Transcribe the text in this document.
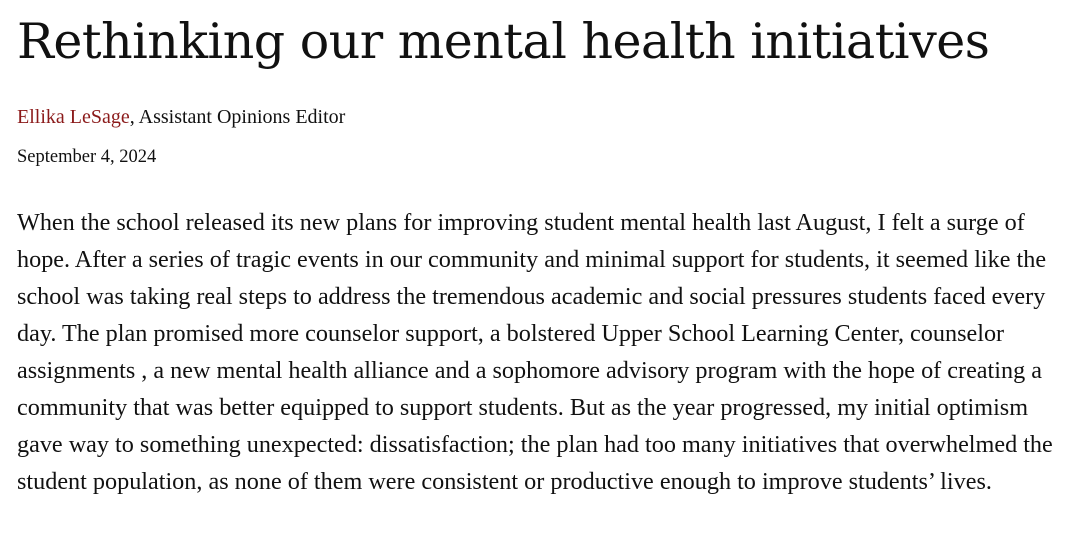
Rethinking our mental health initiatives
Ellika LeSage, Assistant Opinions Editor
September 4, 2024

When the school released its new plans for improving student mental health last August, I felt a surge of hope. After a series of tragic events in our community and minimal support for students, it seemed like the school was taking real steps to address the tremendous academic and social pressures students faced every day. The plan promised more counselor support, a bolstered Upper School Learning Center, counselor assignments , a new mental health alliance and a sophomore advisory program with the hope of creating a community that was better equipped to support students. But as the year progressed, my initial optimism gave way to something unexpected: dissatisfaction; the plan had too many initiatives that overwhelmed the student population, as none of them were consistent or productive enough to improve students’ lives.
